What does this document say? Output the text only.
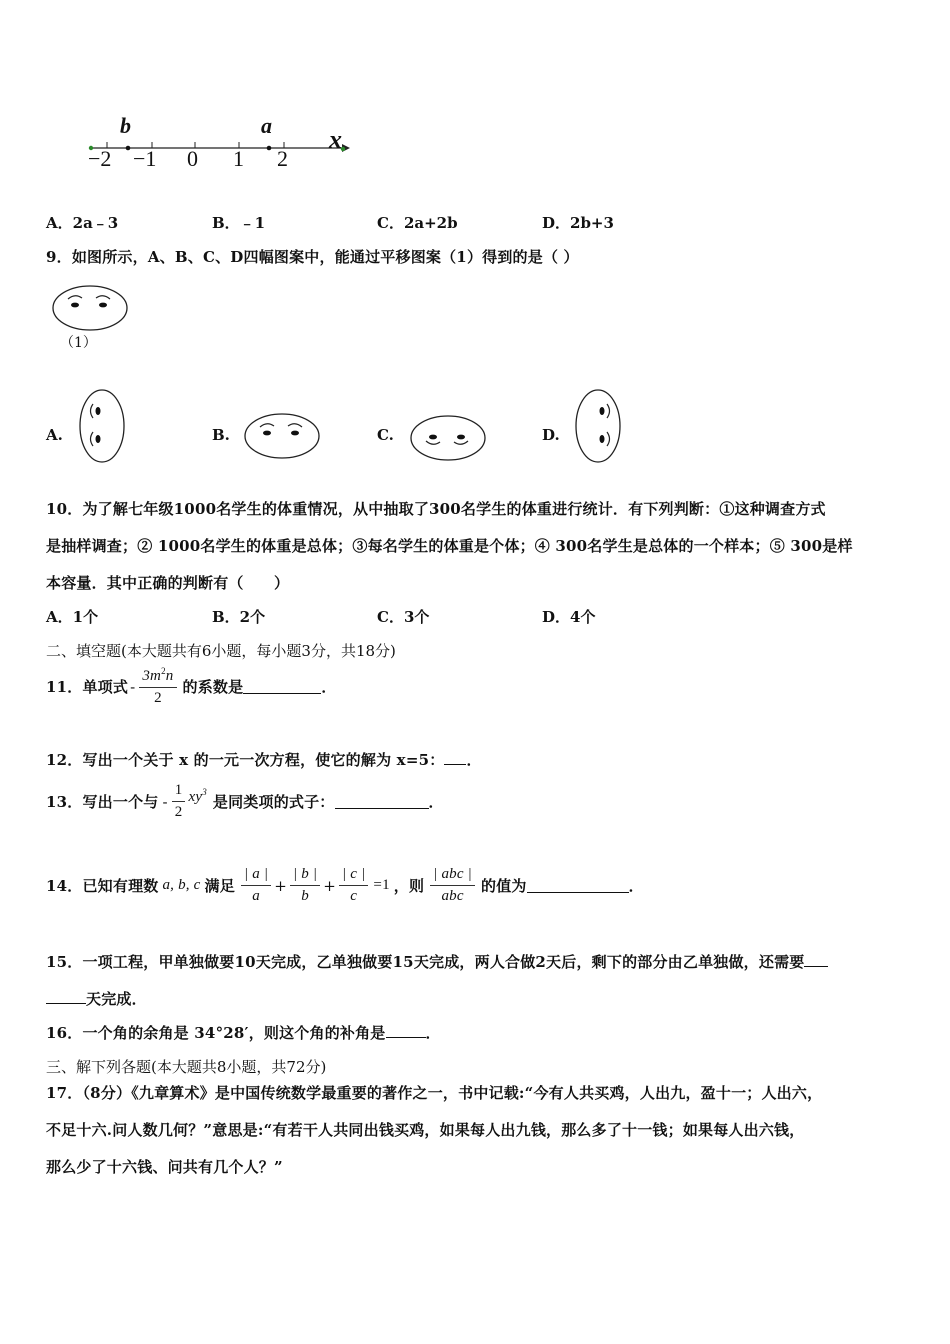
b	a x
−2 −1 0 1 2
A．2a﹣3	B．﹣1	C．2a+2b	D．2b+3
9．如图所示，A、B、C、D四幅图案中，能通过平移图案（1）得到的是（ ）
（1）
A.	B.	C.	D.
10．为了解七年级1000名学生的体重情况，从中抽取了300名学生的体重进行统计．有下列判断：①这种调查方式
是抽样调查；② 1000名学生的体重是总体；③每名学生的体重是个体；④ 300名学生是总体的一个样本；⑤ 300是样
本容量．其中正确的判断有（　　）
A．1个	B．2个	C．3个	D．4个
二、填空题(本大题共有6小题，每小题3分，共18分)
11．单项式 - $\frac{3m^2n}{2}$ 的系数是	．
12．写出一个关于 x 的一元一次方程，使它的解为 x=5： ．
13．写出一个与 - $\frac{1}{2} xy^3$
是同类项的式子：	．
14．已知有理数 a, b, c 满足 $\frac{| a |}{a} + \frac{| b |}{b} + \frac{| c |}{c} =1$ ，则 $\frac{\text{| abc |}}{\text{abc}}$ 的值为	．
15．一项工程，甲单独做要10天完成，乙单独做要15天完成，两人合做2天后，剩下的部分由乙单独做，还需要
天完成．
16．一个角的余角是 34°28′，则这个角的补角是	．
三、解下列各题(本大题共8小题，共72分)
17．（8分）《九章算术》是中国传统数学最重要的著作之一，书中记载:“今有人共买鸡，人出九，盈十一；人出六，
不足十六.问人数几何？”意思是:“有若干人共同出钱买鸡，如果每人出九钱，那么多了十一钱；如果每人出六钱，
那么少了十六钱、问共有几个人？”
